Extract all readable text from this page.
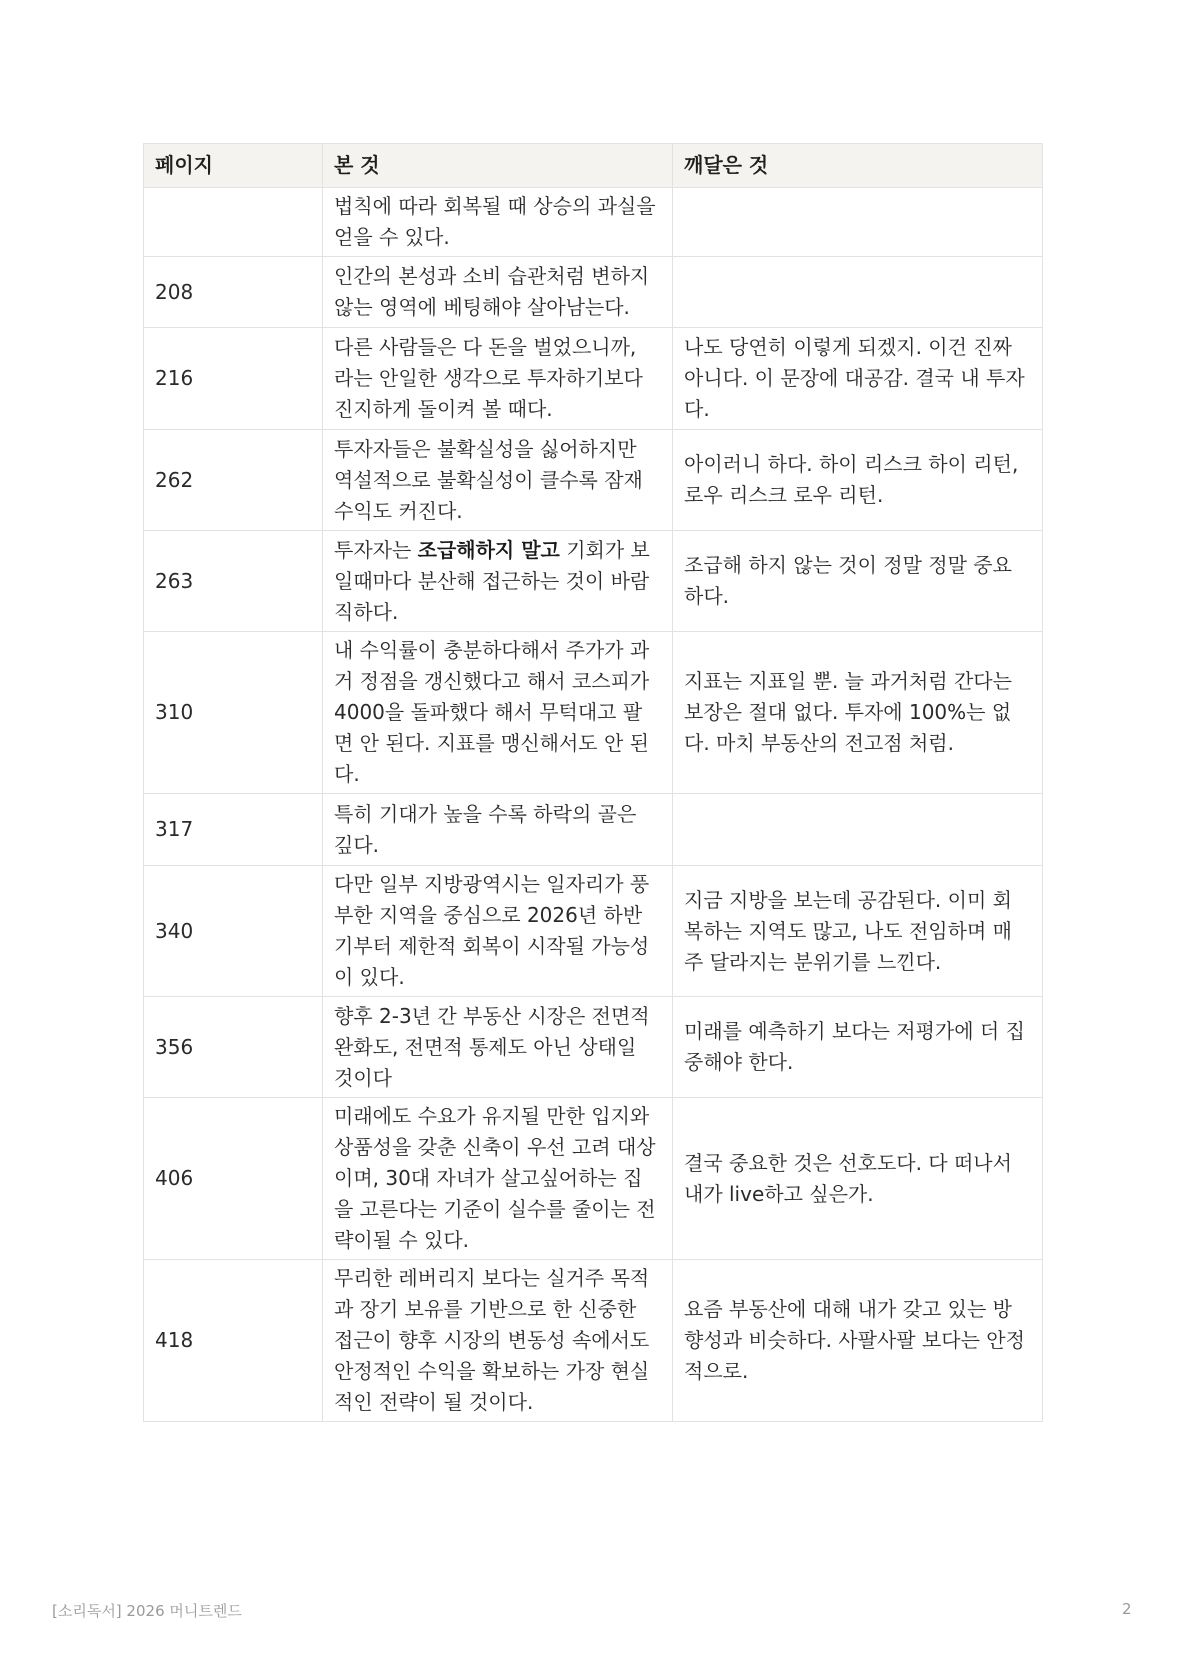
페이지	본 것	깨달은 것
	법칙에 따라 회복될 때 상승의 과실을 얻을 수 있다.	
208	인간의 본성과 소비 습관처럼 변하지 않는 영역에 베팅해야 살아남는다.	
216	다른 사람들은 다 돈을 벌었으니까, 라는 안일한 생각으로 투자하기보다 진지하게 돌이켜 볼 때다.	나도 당연히 이렇게 되겠지. 이건 진짜 아니다. 이 문장에 대공감. 결국 내 투자다.
262	투자자들은 불확실성을 싫어하지만 역설적으로 불확실성이 클수록 잠재 수익도 커진다.	아이러니 하다. 하이 리스크 하이 리턴, 로우 리스크 로우 리턴.
263	투자자는 조급해하지 말고 기회가 보일때마다 분산해 접근하는 것이 바람직하다.	조급해 하지 않는 것이 정말 정말 중요하다.
310	내 수익률이 충분하다해서 주가가 과거 정점을 갱신했다고 해서 코스피가 4000을 돌파했다 해서 무턱대고 팔면 안 된다. 지표를 맹신해서도 안 된다.	지표는 지표일 뿐. 늘 과거처럼 간다는 보장은 절대 없다. 투자에 100%는 없다. 마치 부동산의 전고점 처럼.
317	특히 기대가 높을 수록 하락의 골은 깊다.	
340	다만 일부 지방광역시는 일자리가 풍부한 지역을 중심으로 2026년 하반기부터 제한적 회복이 시작될 가능성이 있다.	지금 지방을 보는데 공감된다. 이미 회복하는 지역도 많고, 나도 전임하며 매주 달라지는 분위기를 느낀다.
356	향후 2-3년 간 부동산 시장은 전면적 완화도, 전면적 통제도 아닌 상태일 것이다	미래를 예측하기 보다는 저평가에 더 집중해야 한다.
406	미래에도 수요가 유지될 만한 입지와 상품성을 갖춘 신축이 우선 고려 대상이며, 30대 자녀가 살고싶어하는 집을 고른다는 기준이 실수를 줄이는 전략이될 수 있다.	결국 중요한 것은 선호도다. 다 떠나서 내가 live하고 싶은가.
418	무리한 레버리지 보다는 실거주 목적과 장기 보유를 기반으로 한 신중한 접근이 향후 시장의 변동성 속에서도 안정적인 수익을 확보하는 가장 현실적인 전략이 될 것이다.	요즘 부동산에 대해 내가 갖고 있는 방향성과 비슷하다. 사팔사팔 보다는 안정적으로.
[소리독서] 2026 머니트렌드	2
